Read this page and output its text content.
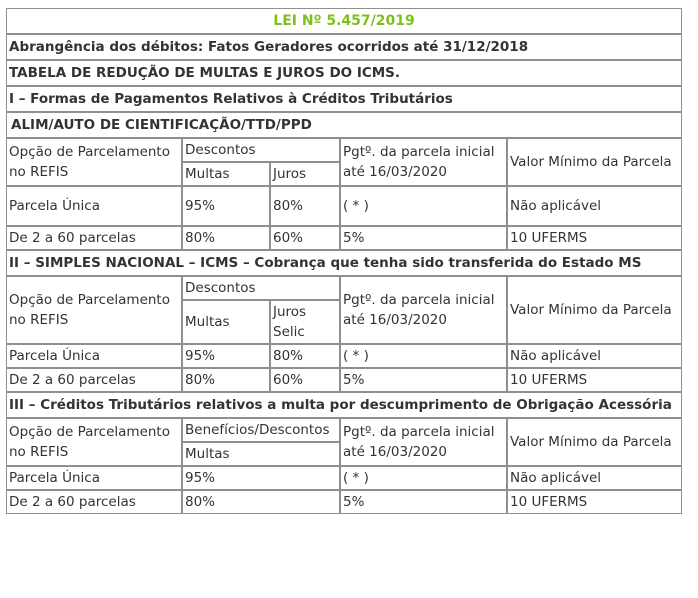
LEI Nº 5.457/2019				
Abrangência dos débitos: Fatos Geradores ocorridos até 31/12/2018				
TABELA DE REDUÇÃO DE MULTAS E JUROS DO ICMS.				
I – Formas de Pagamentos Relativos à Créditos Tributários				
ALIM/AUTO DE CIENTIFICAÇÃO/TTD/PPD				
Opção de Parcelamento no REFIS	Descontos		Pgtº. da parcela inicial até 16/03/2020	Valor Mínimo da Parcela
	Multas	Juros		
Parcela Única	95%	80%	( * )	Não aplicável
De 2 a 60 parcelas	80%	60%	5%	10 UFERMS
II – SIMPLES NACIONAL – ICMS – Cobrança que tenha sido transferida do Estado MS				
Opção de Parcelamento no REFIS	Descontos		Pgtº. da parcela inicial até 16/03/2020	Valor Mínimo da Parcela
	Multas	Juros Selic		
Parcela Única	95%	80%	( * )	Não aplicável
De 2 a 60 parcelas	80%	60%	5%	10 UFERMS
III – Créditos Tributários relativos a multa por descumprimento de Obrigação Acessória				
Opção de Parcelamento no REFIS	Benefícios/Descontos		Pgtº. da parcela inicial até 16/03/2020	Valor Mínimo da Parcela
	Multas			
Parcela Única	95%		( * )	Não aplicável
De 2 a 60 parcelas	80%		5%	10 UFERMS
